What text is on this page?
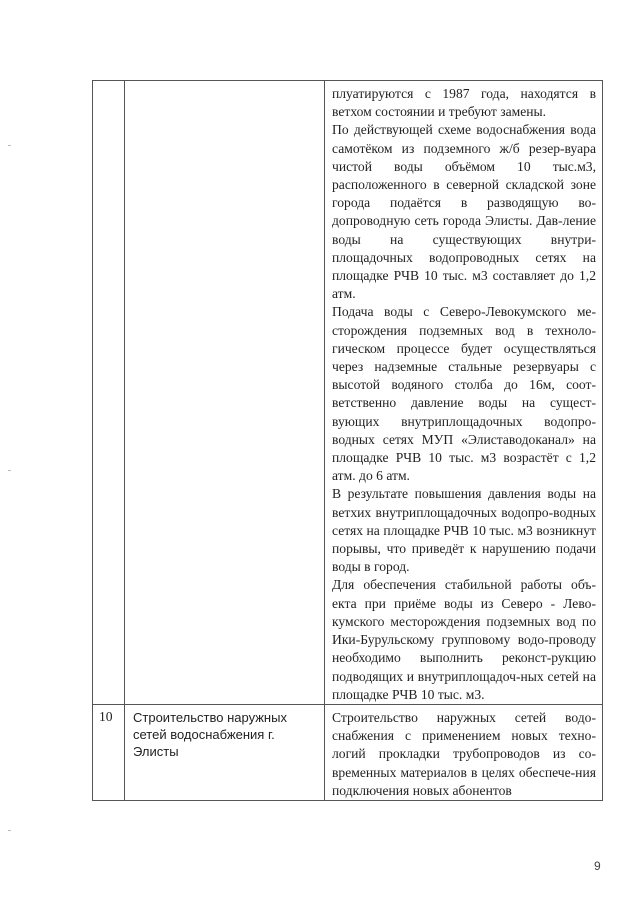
		плуатируются с 1987 года, находятся в ветхом состоянии и требуют замены.

По действующей схеме водоснабжения вода самотёком из подземного ж/б резер-вуара чистой воды объёмом 10 тыс.м3, расположенного в северной складской зоне города подаётся в разводящую во-допроводную сеть города Элисты. Дав-ление воды на существующих внутри-площадочных водопроводных сетях на площадке РЧВ 10 тыс. м3 составляет до 1,2 атм.

Подача воды с Северо-Левокумского ме-сторождения подземных вод в техноло-гическом процессе будет осуществляться через надземные стальные резервуары с высотой водяного столба до 16м, соот-ветственно давление воды на сущест-вующих внутриплощадочных водопро-водных сетях МУП «Элиставодоканал» на площадке РЧВ 10 тыс. м3 возрастёт с 1,2 атм. до 6 атм.

В результате повышения давления воды на ветхих внутриплощадочных водопро-водных сетях на площадке РЧВ 10 тыс. м3 возникнут порывы, что приведёт к нарушению подачи воды в город.

Для обеспечения стабильной работы объ-екта при приёме воды из Северо - Лево-кумского месторождения подземных вод по Ики-Бурульскому групповому водо-проводу необходимо выполнить реконст-рукцию подводящих и внутриплощадоч-ных сетей на площадке РЧВ 10 тыс. м3.

10	Строительство наружных сетей водоснабжения г. Элисты	Строительство наружных сетей водо-снабжения с применением новых техно-логий прокладки трубопроводов из со-временных материалов в целях обеспече-ния подключения новых абонентов

9
